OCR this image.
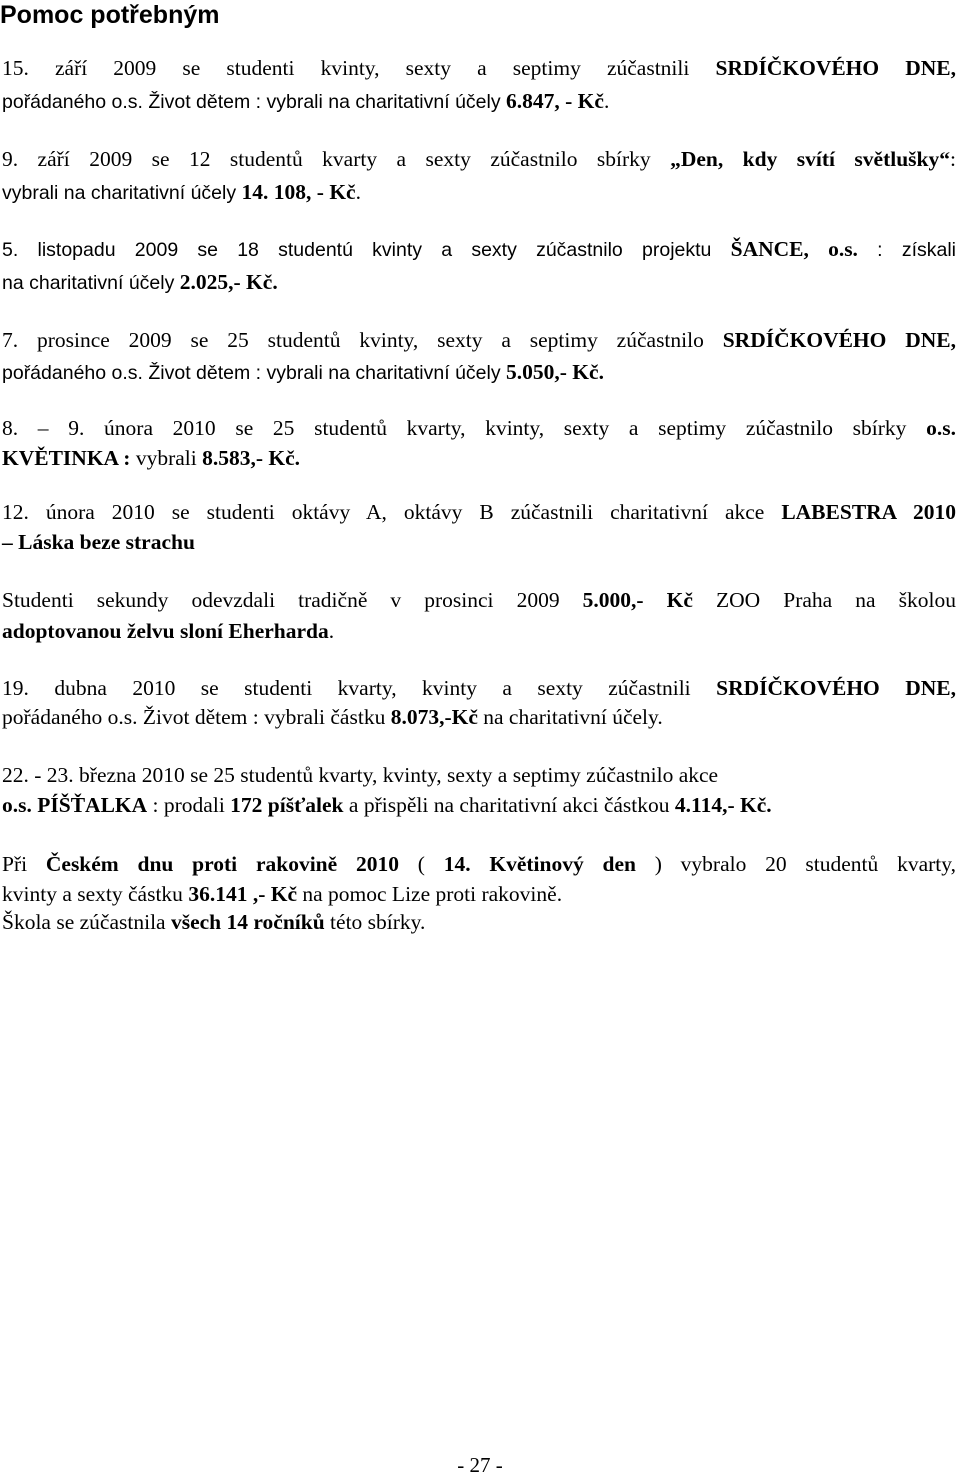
Pomoc potřebným
15. září 2009 se studenti kvinty, sexty a septimy zúčastnili SRDÍČKOVÉHO DNE,
pořádaného o.s. Život dětem : vybrali na charitativní účely 6.847, - Kč.
9. září 2009 se 12 studentů kvarty a sexty zúčastnilo sbírky „Den, kdy svítí světlušky“:
vybrali na charitativní účely 14. 108, - Kč.
5. listopadu 2009 se 18 studentú kvinty a sexty zúčastnilo projektu ŠANCE, o.s. : získali
na charitativní účely 2.025,- Kč.
7. prosince 2009 se 25 studentů kvinty, sexty a septimy zúčastnilo SRDÍČKOVÉHO DNE,
pořádaného o.s. Život dětem : vybrali na charitativní účely 5.050,- Kč.
8. – 9. února 2010 se 25 studentů kvarty, kvinty, sexty a septimy zúčastnilo sbírky o.s.
KVĚTINKA : vybrali 8.583,- Kč.
12. února 2010 se studenti oktávy A, oktávy B zúčastnili charitativní akce LABESTRA 2010
– Láska beze strachu
Studenti sekundy odevzdali tradičně v prosinci 2009 5.000,- Kč ZOO Praha na školou
adoptovanou želvu sloní Eherharda.
19. dubna 2010 se studenti kvarty, kvinty a sexty zúčastnili SRDÍČKOVÉHO DNE,
pořádaného o.s. Život dětem : vybrali částku 8.073,-Kč na charitativní účely.
22. - 23. března 2010 se 25 studentů kvarty, kvinty, sexty a septimy zúčastnilo akce
o.s. PÍŠŤALKA : prodali 172 píšťalek a přispěli na charitativní akci částkou 4.114,- Kč.
Při Českém dnu proti rakovině 2010 ( 14. Květinový den ) vybralo 20 studentů kvarty,
kvinty a sexty částku 36.141 ,- Kč na pomoc Lize proti rakovině.
Škola se zúčastnila všech 14 ročníků této sbírky.
- 27 -
